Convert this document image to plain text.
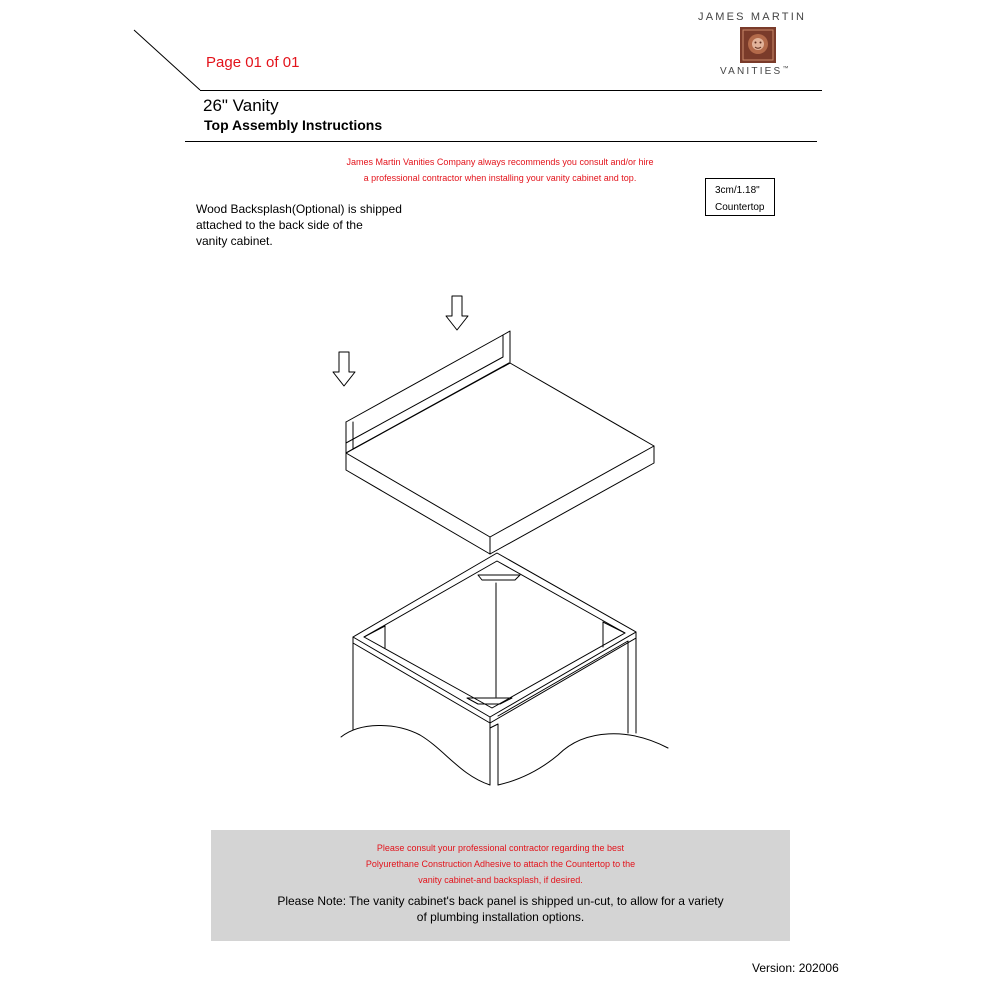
Page 01 of 01
JAMES MARTIN
VANITIES™
26" Vanity
Top Assembly Instructions
James Martin Vanities Company always recommends you consult and/or hire
a professional contractor when installing your vanity cabinet and top.
3cm/1.18"
Countertop
Wood Backsplash(Optional) is shipped
attached to the back side of the
vanity cabinet.
Please consult your professional contractor regarding the best
Polyurethane Construction Adhesive to attach the Countertop to the
vanity cabinet-and backsplash, if desired.
Please Note: The vanity cabinet's back panel is shipped un-cut, to allow for a variety
of plumbing installation options.
Version: 202006
